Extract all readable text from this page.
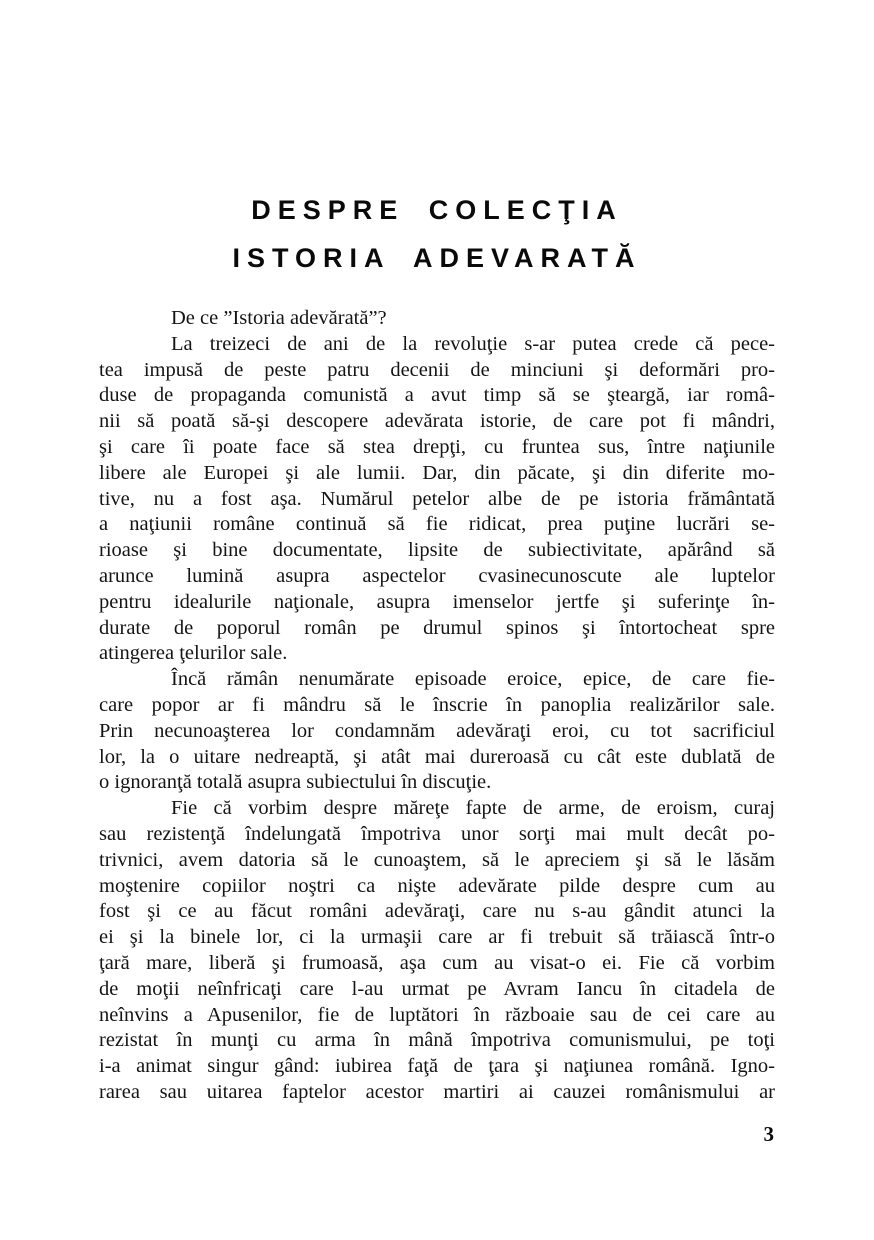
DESPRE COLECŢIA
ISTORIA ADEVARATĂ
De ce ”Istoria adevărată”?
La treizeci de ani de la revoluţie s-ar putea crede că pece-
tea impusă de peste patru decenii de minciuni şi deformări pro-
duse de propaganda comunistă a avut timp să se şteargă, iar româ-
nii să poată să-şi descopere adevărata istorie, de care pot fi mândri,
şi care îi poate face să stea drepţi, cu fruntea sus, între naţiunile
libere ale Europei şi ale lumii. Dar, din păcate, şi din diferite mo-
tive, nu a fost aşa. Numărul petelor albe de pe istoria frământată
a naţiunii române continuă să fie ridicat, prea puţine lucrări se-
rioase şi bine documentate, lipsite de subiectivitate, apărând să
arunce lumină asupra aspectelor cvasinecunoscute ale luptelor
pentru idealurile naţionale, asupra imenselor jertfe şi suferinţe în-
durate de poporul român pe drumul spinos şi întortocheat spre
atingerea ţelurilor sale.
Încă rămân nenumărate episoade eroice, epice, de care fie-
care popor ar fi mândru să le înscrie în panoplia realizărilor sale.
Prin necunoaşterea lor condamnăm adevăraţi eroi, cu tot sacrificiul
lor, la o uitare nedreaptă, şi atât mai dureroasă cu cât este dublată de
o ignoranţă totală asupra subiectului în discuţie.
Fie că vorbim despre măreţe fapte de arme, de eroism, curaj
sau rezistenţă îndelungată împotriva unor sorţi mai mult decât po-
trivnici, avem datoria să le cunoaştem, să le apreciem şi să le lăsăm
moştenire copiilor noştri ca nişte adevărate pilde despre cum au
fost şi ce au făcut români adevăraţi, care nu s-au gândit atunci la
ei şi la binele lor, ci la urmaşii care ar fi trebuit să trăiască într-o
ţară mare, liberă şi frumoasă, aşa cum au visat-o ei. Fie că vorbim
de moţii neînfricaţi care l-au urmat pe Avram Iancu în citadela de
neînvins a Apusenilor, fie de luptători în războaie sau de cei care au
rezistat în munţi cu arma în mână împotriva comunismului, pe toţi
i-a animat singur gând: iubirea faţă de ţara şi naţiunea română. Igno-
rarea sau uitarea faptelor acestor martiri ai cauzei românismului ar
3
